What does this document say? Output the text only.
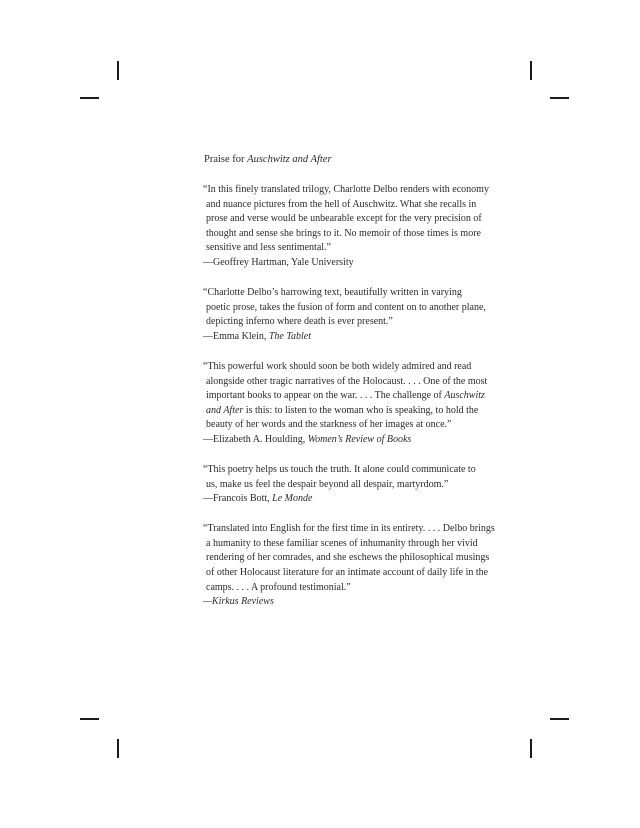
Praise for Auschwitz and After
“In this finely translated trilogy, Charlotte Delbo renders with economy
and nuance pictures from the hell of Auschwitz. What she recalls in
prose and verse would be unbearable except for the very precision of
thought and sense she brings to it. No memoir of those times is more
sensitive and less sentimental.”
—Geoffrey Hartman, Yale University
“Charlotte Delbo’s harrowing text, beautifully written in varying
poetic prose, takes the fusion of form and content on to another plane,
depicting inferno where death is ever present.”
—Emma Klein, The Tablet
“This powerful work should soon be both widely admired and read
alongside other tragic narratives of the Holocaust. . . . One of the most
important books to appear on the war. . . . The challenge of Auschwitz
and After is this: to listen to the woman who is speaking, to hold the
beauty of her words and the starkness of her images at once.”
—Elizabeth A. Houlding, Women’s Review of Books
“This poetry helps us touch the truth. It alone could communicate to
us, make us feel the despair beyond all despair, martyrdom.”
—Francois Bott, Le Monde
“Translated into English for the first time in its entirety. . . . Delbo brings
a humanity to these familiar scenes of inhumanity through her vivid
rendering of her comrades, and she eschews the philosophical musings
of other Holocaust literature for an intimate account of daily life in the
camps. . . . A profound testimonial.”
—Kirkus Reviews
